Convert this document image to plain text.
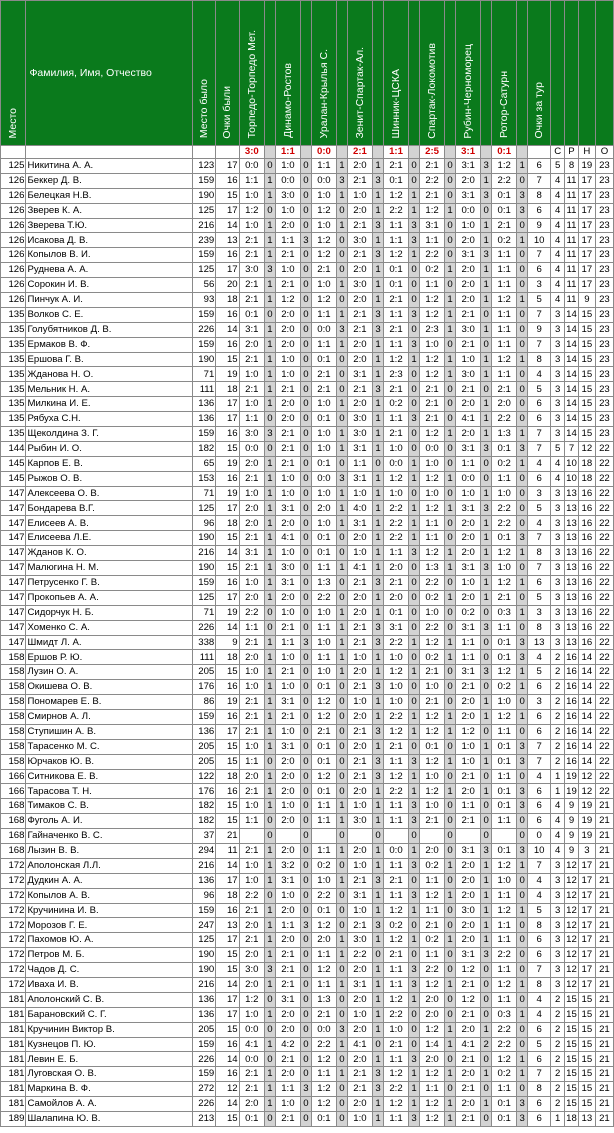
Место	Фамилия, Имя, Отчество	Место было	Очки были	Торпедо-Торпедо Мет.		Динамо-Ростов		Уралан-Крылья С.		Зенит-Спартак-Ал.		Шинник-ЦСКА		Спартак-Локомотив		Рубин-Черноморец		Ротор-Сатурн		Очки за тур				
				3:0		1:1		0:0		2:1		1:1		2:5		3:1		0:1			С	Р	Н	О
125	Никитина А. А.	123	17	0:0	0	1:0	0	1:1	1	2:0	1	2:1	0	2:1	0	3:1	3	1:2	1	6	5	8	19	23
126	Беккер Д. В.	159	16	1:1	1	0:0	0	0:0	3	2:1	3	0:1	0	2:2	0	2:0	1	2:2	0	7	4	11	17	23
126	Белецкая Н.В.	190	15	1:0	1	3:0	0	1:0	1	1:0	1	1:2	1	2:1	0	3:1	3	0:1	3	8	4	11	17	23
126	Зверев К. А.	125	17	1:2	0	1:0	0	1:2	0	2:0	1	2:2	1	1:2	1	0:0	0	0:1	3	6	4	11	17	23
126	Зверева Т.Ю.	216	14	1:0	1	2:0	0	1:0	1	2:1	3	1:1	3	3:1	0	1:0	1	2:1	0	9	4	11	17	23
126	Исакова Д. В.	239	13	2:1	1	1:1	3	1:2	0	3:0	1	1:1	3	1:1	0	2:0	1	0:2	1	10	4	11	17	23
126	Копылов В. И.	159	16	2:1	1	2:1	0	1:2	0	2:1	3	1:2	1	2:2	0	3:1	3	1:1	0	7	4	11	17	23
126	Руднева А. А.	125	17	3:0	3	1:0	0	2:1	0	2:0	1	0:1	0	0:2	1	2:0	1	1:1	0	6	4	11	17	23
126	Сорокин И. В.	56	20	2:1	1	2:1	0	1:0	1	3:0	1	0:1	0	1:1	0	2:0	1	1:1	0	3	4	11	17	23
126	Пинчук А. И.	93	18	2:1	1	1:2	0	1:2	0	2:0	1	2:1	0	1:2	1	2:0	1	1:2	1	5	4	11	9	23
135	Волков С. Е.	159	16	0:1	0	2:0	0	1:1	1	2:1	3	1:1	3	1:2	1	2:1	0	1:1	0	7	3	14	15	23
135	Голубятников Д. В.	226	14	3:1	1	2:0	0	0:0	3	2:1	3	2:1	0	2:3	1	3:0	1	1:1	0	9	3	14	15	23
135	Ермаков В. Ф.	159	16	2:0	1	2:0	0	1:1	1	2:0	1	1:1	3	1:0	0	2:1	0	1:1	0	7	3	14	15	23
135	Ершова Г. В.	190	15	2:1	1	1:0	0	0:1	0	2:0	1	1:2	1	1:2	1	1:0	1	1:2	1	8	3	14	15	23
135	Жданова Н. О.	71	19	1:0	1	1:0	0	2:1	0	3:1	1	2:3	0	1:2	1	3:0	1	1:1	0	4	3	14	15	23
135	Мельник Н. А.	111	18	2:1	1	2:1	0	2:1	0	2:1	3	2:1	0	2:1	0	2:1	0	2:1	0	5	3	14	15	23
135	Милкина И. Е.	136	17	1:0	1	2:0	0	1:0	1	2:0	1	0:2	0	2:1	0	2:0	1	2:0	0	6	3	14	15	23
135	Рябуха С.Н.	136	17	1:1	0	2:0	0	0:1	0	3:0	1	1:1	3	2:1	0	4:1	1	2:2	0	6	3	14	15	23
135	Щеколдина З. Г.	159	16	3:0	3	2:1	0	1:0	1	3:0	1	2:1	0	1:2	1	2:0	1	1:3	1	7	3	14	15	23
144	Рыбин И. О.	182	15	0:0	0	2:1	0	1:0	1	3:1	1	1:0	0	0:0	0	3:1	3	0:1	3	7	5	7	12	22
145	Карпов Е. В.	65	19	2:0	1	2:1	0	0:1	0	1:1	0	0:0	1	1:0	0	1:1	0	0:2	1	4	4	10	18	22
145	Рыжов О. В.	153	16	2:1	1	1:0	0	0:0	3	3:1	1	1:2	1	1:2	1	0:0	0	1:1	0	6	4	10	18	22
147	Алексеева О. В.	71	19	1:0	1	1:0	0	1:0	1	1:0	1	1:0	0	1:0	0	1:0	1	1:0	0	3	3	13	16	22
147	Бондарева В.Г.	125	17	2:0	1	3:1	0	2:0	1	4:0	1	2:2	1	1:2	1	3:1	3	2:2	0	5	3	13	16	22
147	Елисеев А. В.	96	18	2:0	1	2:0	0	1:0	1	3:1	1	2:2	1	1:1	0	2:0	1	2:2	0	4	3	13	16	22
147	Елисеева Л.Е.	190	15	2:1	1	4:1	0	0:1	0	2:0	1	2:2	1	1:1	0	2:0	1	0:1	3	7	3	13	16	22
147	Жданов К. О.	216	14	3:1	1	1:0	0	0:1	0	1:0	1	1:1	3	1:2	1	2:0	1	1:2	1	8	3	13	16	22
147	Малюгина Н. М.	190	15	2:1	1	3:0	0	1:1	1	4:1	1	2:0	0	1:3	1	3:1	3	1:0	0	7	3	13	16	22
147	Петрусенко Г. В.	159	16	1:0	1	3:1	0	1:3	0	2:1	3	2:1	0	2:2	0	1:0	1	1:2	1	6	3	13	16	22
147	Прокопьев А. А.	125	17	2:0	1	2:0	0	2:2	0	2:0	1	2:0	0	0:2	1	2:0	1	2:1	0	5	3	13	16	22
147	Сидорчук Н. Б.	71	19	2:2	0	1:0	0	1:0	1	2:0	1	0:1	0	1:0	0	0:2	0	0:3	1	3	3	13	16	22
147	Хоменко С. А.	226	14	1:1	0	2:1	0	1:1	1	2:1	3	3:1	0	2:2	0	3:1	3	1:1	0	8	3	13	16	22
147	Шмидт Л. А.	338	9	2:1	1	1:1	3	1:0	1	2:1	3	2:2	1	1:2	1	1:1	0	0:1	3	13	3	13	16	22
158	Ершов Р. Ю.	111	18	2:0	1	1:0	0	1:1	1	1:0	1	1:0	0	0:2	1	1:1	0	0:1	3	4	2	16	14	22
158	Лузин О. А.	205	15	1:0	1	2:1	0	1:0	1	2:0	1	1:2	1	2:1	0	3:1	3	1:2	1	5	2	16	14	22
158	Окишева О. В.	176	16	1:0	1	1:0	0	0:1	0	2:1	3	1:0	0	1:0	0	2:1	0	0:2	1	6	2	16	14	22
158	Пономарев Е. В.	86	19	2:1	1	3:1	0	1:2	0	1:0	1	1:0	0	2:1	0	2:0	1	1:0	0	3	2	16	14	22
158	Смирнов А. Л.	159	16	2:1	1	2:1	0	1:2	0	2:0	1	2:2	1	1:2	1	2:0	1	1:2	1	6	2	16	14	22
158	Ступишин А. В.	136	17	2:1	1	1:0	0	2:1	0	2:1	3	1:2	1	1:2	1	1:2	0	1:1	0	6	2	16	14	22
158	Тарасенко М. С.	205	15	1:0	1	3:1	0	0:1	0	2:0	1	2:1	0	0:1	0	1:0	1	0:1	3	7	2	16	14	22
158	Юрчаков Ю. В.	205	15	1:1	0	2:0	0	0:1	0	2:1	3	1:1	3	1:2	1	1:0	1	0:1	3	7	2	16	14	22
166	Ситникова Е. В.	122	18	2:0	1	2:0	0	1:2	0	2:1	3	1:2	1	1:0	0	2:1	0	1:1	0	4	1	19	12	22
166	Тарасова Т. Н.	176	16	2:1	1	2:0	0	0:1	0	2:0	1	2:2	1	1:2	1	2:0	1	0:1	3	6	1	19	12	22
168	Тимаков С. В.	182	15	1:0	1	1:0	0	1:1	1	1:0	1	1:1	3	1:0	0	1:1	0	0:1	3	6	4	9	19	21
168	Фуголь А. И.	182	15	1:1	0	2:0	0	1:1	1	3:0	1	1:1	3	2:1	0	2:1	0	1:1	0	6	4	9	19	21
168	Гайначенко В. С.	37	21		0		0		0		0		0		0		0		0	0	4	9	19	21
168	Лызин В. В.	294	11	2:1	1	2:0	0	1:1	1	2:0	1	0:0	1	2:0	0	3:1	3	0:1	3	10	4	9	3	21
172	Аполонская Л.Л.	216	14	1:0	1	3:2	0	0:2	0	1:0	1	1:1	3	0:2	1	2:0	1	1:2	1	7	3	12	17	21
172	Дудкин А. А.	136	17	1:0	1	3:1	0	1:0	1	2:1	3	2:1	0	1:1	0	2:0	1	1:0	0	4	3	12	17	21
172	Копылов А. В.	96	18	2:2	0	1:0	0	2:2	0	3:1	1	1:1	3	1:2	1	2:0	1	1:1	0	4	3	12	17	21
172	Кручинина И. В.	159	16	2:1	1	2:0	0	0:1	0	1:0	1	1:2	1	1:1	0	3:0	1	1:2	1	5	3	12	17	21
172	Морозов Г. Е.	247	13	2:0	1	1:1	3	1:2	0	2:1	3	0:2	0	2:1	0	2:0	1	1:1	0	8	3	12	17	21
172	Пахомов Ю. А.	125	17	2:1	1	2:0	0	2:0	1	3:0	1	1:2	1	0:2	1	2:0	1	1:1	0	6	3	12	17	21
172	Петров М. Б.	190	15	2:0	1	2:1	0	1:1	1	2:2	0	2:1	0	1:1	0	3:1	3	2:2	0	6	3	12	17	21
172	Чадов Д. С.	190	15	3:0	3	2:1	0	1:2	0	2:0	1	1:1	3	2:2	0	1:2	0	1:1	0	7	3	12	17	21
172	Иваха И. В.	216	14	2:0	1	2:1	0	1:1	1	3:1	1	1:1	3	1:2	1	2:1	0	1:2	1	8	3	12	17	21
181	Аполонский С. В.	136	17	1:2	0	3:1	0	1:3	0	2:0	1	1:2	1	2:0	0	1:2	0	1:1	0	4	2	15	15	21
181	Барановский С. Г.	136	17	1:0	1	2:0	0	2:1	0	1:0	1	2:2	0	2:0	0	2:1	0	0:3	1	4	2	15	15	21
181	Кручинин Виктор В.	205	15	0:0	0	2:0	0	0:0	3	2:0	1	1:0	0	1:2	1	2:0	1	2:2	0	6	2	15	15	21
181	Кузнецов П. Ю.	159	16	4:1	1	4:2	0	2:2	1	4:1	0	2:1	0	1:4	1	4:1	2	2:2	0	5	2	15	15	21
181	Левин Е. Б.	226	14	0:0	0	2:1	0	1:2	0	2:0	1	1:1	3	2:0	0	2:1	0	1:2	1	6	2	15	15	21
181	Луговская О. В.	159	16	2:1	1	2:0	0	1:1	1	2:1	3	1:2	1	1:2	1	2:0	1	0:2	1	7	2	15	15	21
181	Маркина В. Ф.	272	12	2:1	1	1:1	3	1:2	0	2:1	3	2:2	1	1:1	0	2:1	0	1:1	0	8	2	15	15	21
181	Самойлов А. А.	226	14	2:0	1	1:0	0	1:2	0	2:0	1	1:2	1	1:2	1	2:0	1	0:1	3	6	2	15	15	21
189	Шалапина Ю. В.	213	15	0:1	0	2:1	0	0:1	0	1:0	1	1:1	3	1:2	1	2:1	0	0:1	3	6	1	18	13	21
